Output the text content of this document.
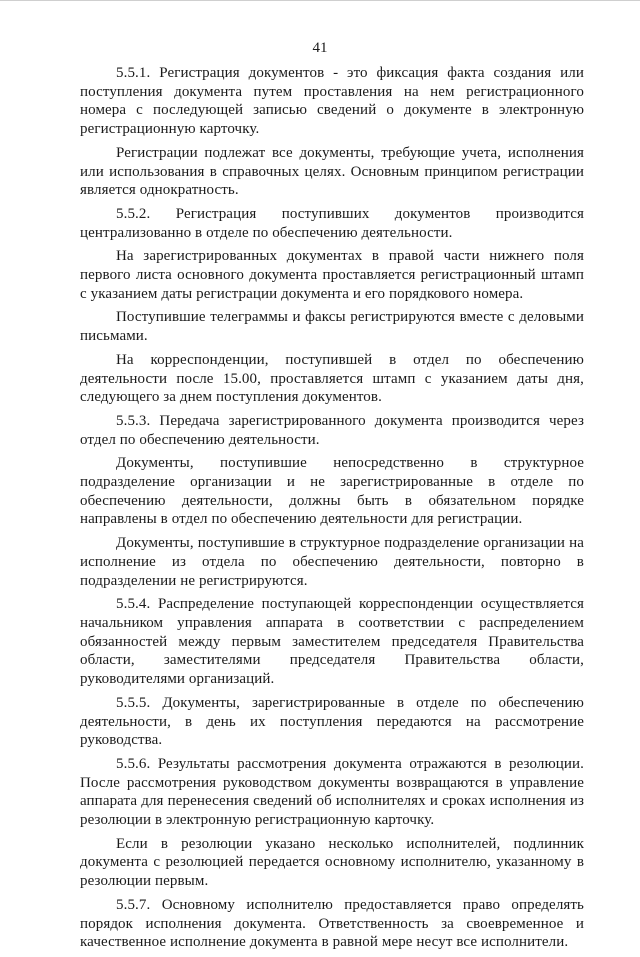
41

5.5.1. Регистрация документов - это фиксация факта создания или поступления документа путем проставления на нем регистрационного номера с последующей записью сведений о документе в электронную регистрационную карточку.

Регистрации подлежат все документы, требующие учета, исполнения или использования в справочных целях. Основным принципом регистрации является однократность.

5.5.2. Регистрация поступивших документов производится централизованно в отделе по обеспечению деятельности.

На зарегистрированных документах в правой части нижнего поля первого листа основного документа проставляется регистрационный штамп с указанием даты регистрации документа и его порядкового номера.

Поступившие телеграммы и факсы регистрируются вместе с деловыми письмами.

На корреспонденции, поступившей в отдел по обеспечению деятельности после 15.00, проставляется штамп с указанием даты дня, следующего за днем поступления документов.

5.5.3. Передача зарегистрированного документа производится через отдел по обеспечению деятельности.

Документы, поступившие непосредственно в структурное подразделение организации и не зарегистрированные в отделе по обеспечению деятельности, должны быть в обязательном порядке направлены в отдел по обеспечению деятельности для регистрации.

Документы, поступившие в структурное подразделение организации на исполнение из отдела по обеспечению деятельности, повторно в подразделении не регистрируются.

5.5.4. Распределение поступающей корреспонденции осуществляется начальником управления аппарата в соответствии с распределением обязанностей между первым заместителем председателя Правительства области, заместителями председателя Правительства области, руководителями организаций.

5.5.5. Документы, зарегистрированные в отделе по обеспечению деятельности, в день их поступления передаются на рассмотрение руководства.

5.5.6. Результаты рассмотрения документа отражаются в резолюции. После рассмотрения руководством документы возвращаются в управление аппарата для перенесения сведений об исполнителях и сроках исполнения из резолюции в электронную регистрационную карточку.

Если в резолюции указано несколько исполнителей, подлинник документа с резолюцией передается основному исполнителю, указанному в резолюции первым.

5.5.7. Основному исполнителю предоставляется право определять порядок исполнения документа. Ответственность за своевременное и качественное исполнение документа в равной мере несут все исполнители.
